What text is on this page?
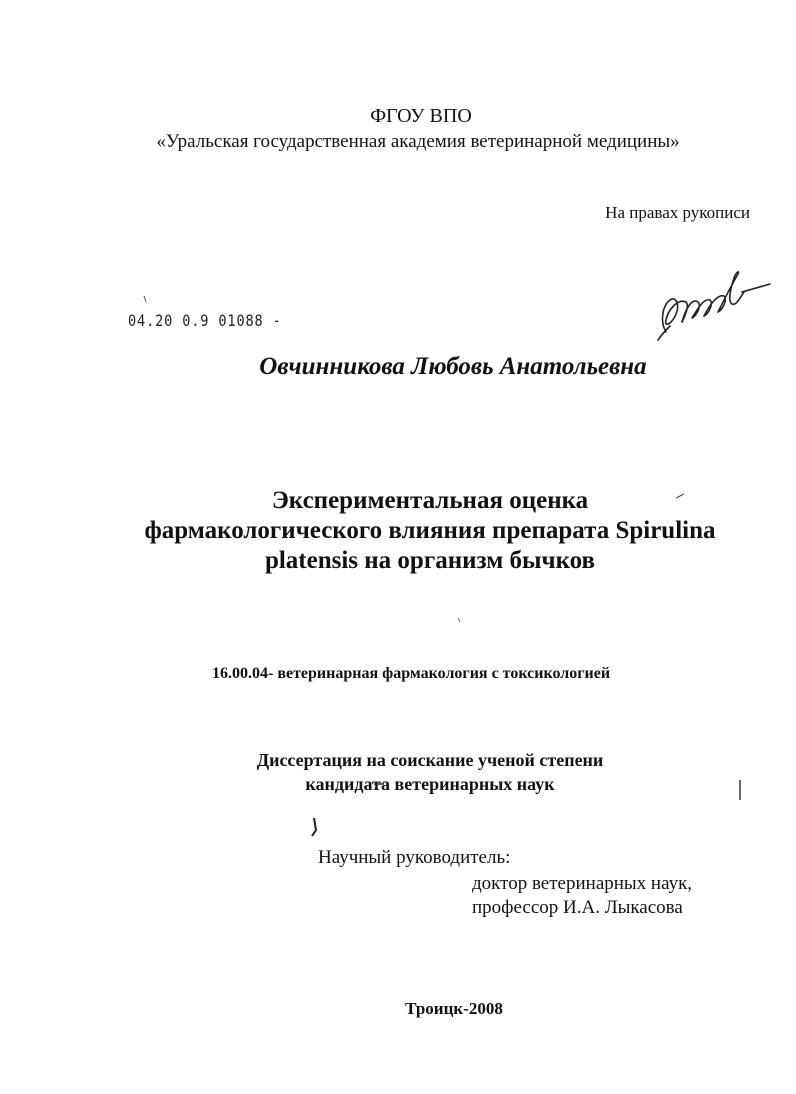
ФГОУ ВПО
«Уральская государственная академия ветеринарной медицины»
На правах рукописи
04.20 0.9 01088 -
Овчинникова Любовь Анатольевна
Экспериментальная оценка
фармакологического влияния препарата Spirulina
platensis на организм бычков
16.00.04- ветеринарная фармакология с токсикологией
Диссертация на соискание ученой степени
кандидата ветеринарных наук
Научный руководитель:
доктор ветеринарных наук,
профессор И.А. Лыкасова
Троицк-2008
